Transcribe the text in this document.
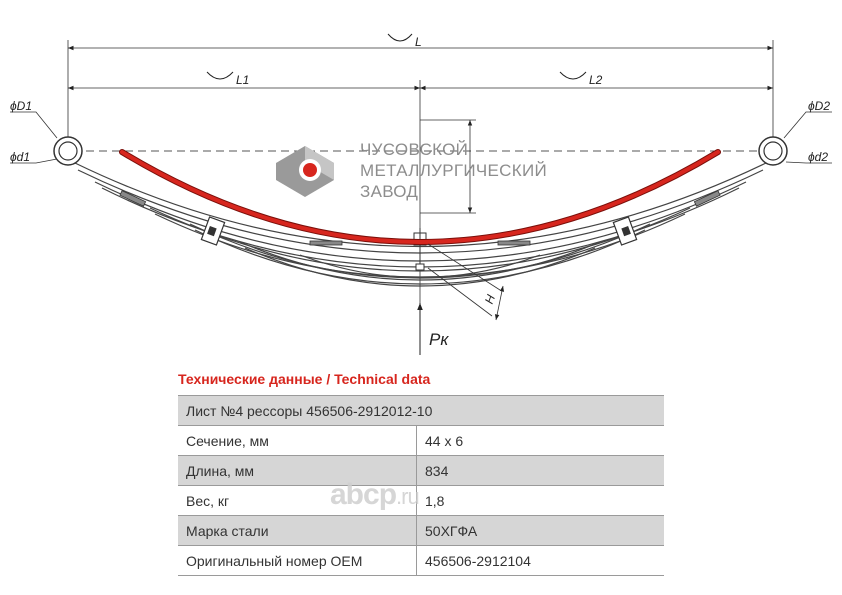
L
L1	L2
ϕD1
ϕd1
ϕD2
ϕd2
H
Pк
ЧУСОВСКОЙ
МЕТАЛЛУРГИЧЕСКИЙ
ЗАВОД
Технические данные / Technical data
Лист №4 рессоры 456506-2912012-10	
Сечение, мм	44 х 6
Длина, мм	834
Вес, кг	1,8
Марка стали	50ХГФА
Оригинальный номер OEM	456506-2912104
abcp.ru
